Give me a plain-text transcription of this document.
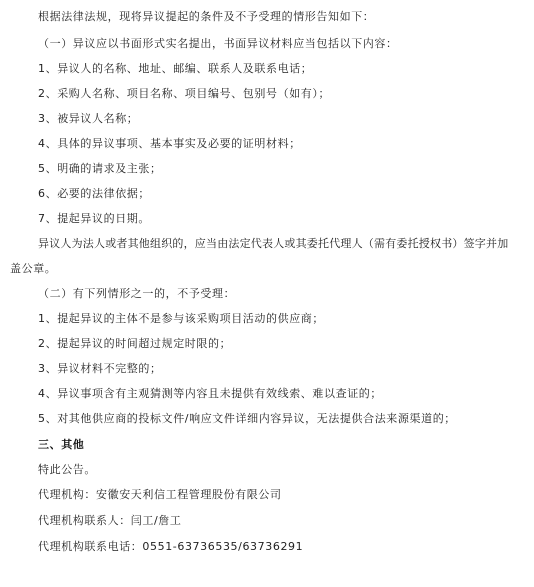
根据法律法规，现将异议提起的条件及不予受理的情形告知如下：
（一）异议应以书面形式实名提出，书面异议材料应当包括以下内容：
1、异议人的名称、地址、邮编、联系人及联系电话；
2、采购人名称、项目名称、项目编号、包别号（如有）；
3、被异议人名称；
4、具体的异议事项、基本事实及必要的证明材料；
5、明确的请求及主张；
6、必要的法律依据；
7、提起异议的日期。
异议人为法人或者其他组织的，应当由法定代表人或其委托代理人（需有委托授权书）签字并加
盖公章。
（二）有下列情形之一的，不予受理：
1、提起异议的主体不是参与该采购项目活动的供应商；
2、提起异议的时间超过规定时限的；
3、异议材料不完整的；
4、异议事项含有主观猜测等内容且未提供有效线索、难以查证的；
5、对其他供应商的投标文件/响应文件详细内容异议，无法提供合法来源渠道的；
三、其他
特此公告。
代理机构：安徽安天利信工程管理股份有限公司
代理机构联系人：闫工/詹工
代理机构联系电话：0551-63736535/63736291
